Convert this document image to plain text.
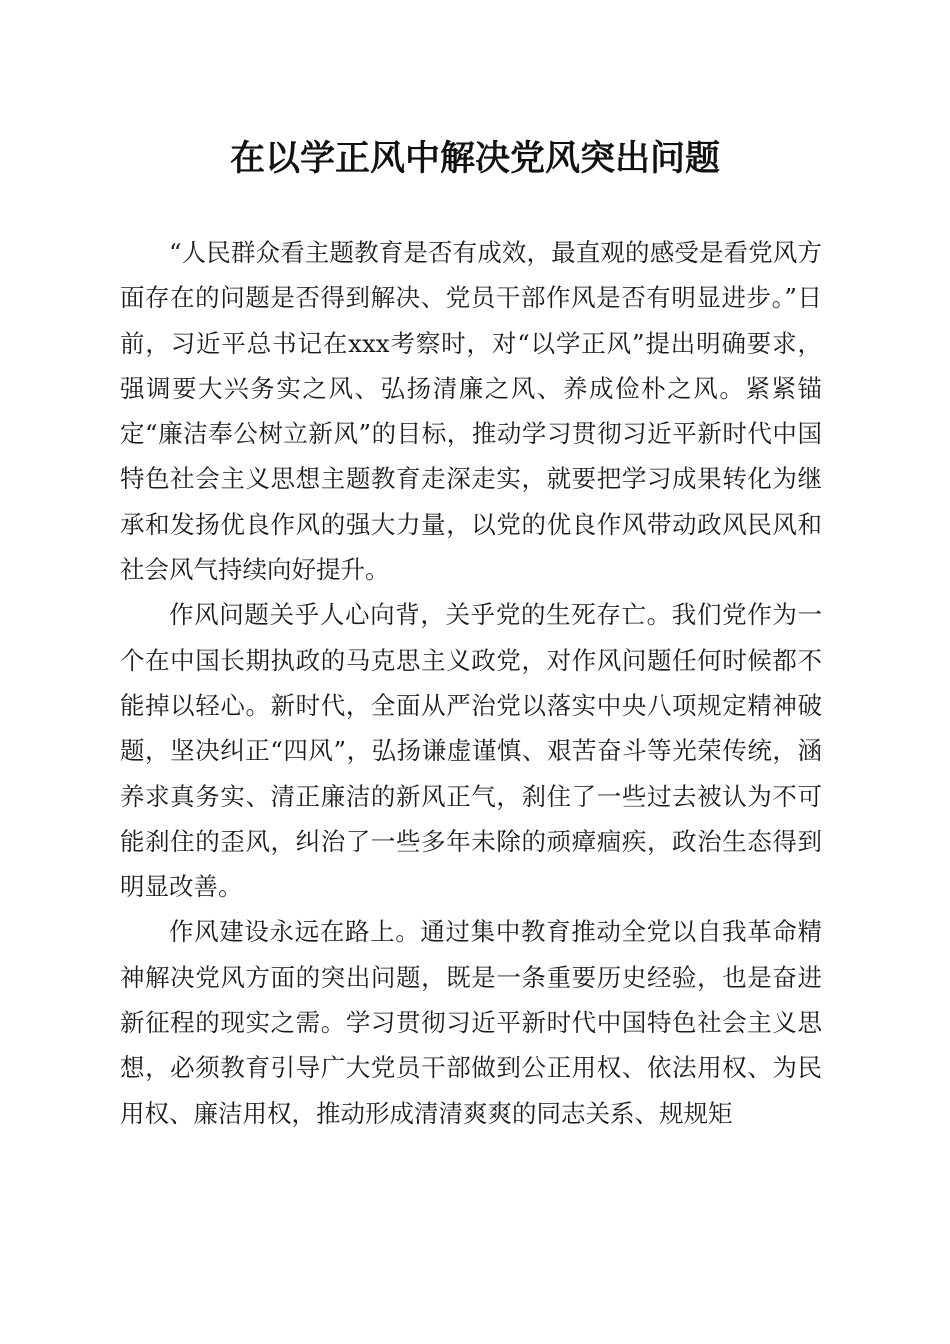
在以学正风中解决党风突出问题

“人民群众看主题教育是否有成效，最直观的感受是看党风方面存在的问题是否得到解决、党员干部作风是否有明显进步。”日前，习近平总书记在xxx考察时，对“以学正风”提出明确要求，强调要大兴务实之风、弘扬清廉之风、养成俭朴之风。紧紧锚定“廉洁奉公树立新风”的目标，推动学习贯彻习近平新时代中国特色社会主义思想主题教育走深走实，就要把学习成果转化为继承和发扬优良作风的强大力量，以党的优良作风带动政风民风和社会风气持续向好提升。

作风问题关乎人心向背，关乎党的生死存亡。我们党作为一个在中国长期执政的马克思主义政党，对作风问题任何时候都不能掉以轻心。新时代，全面从严治党以落实中央八项规定精神破题，坚决纠正“四风”，弘扬谦虚谨慎、艰苦奋斗等光荣传统，涵养求真务实、清正廉洁的新风正气，刹住了一些过去被认为不可能刹住的歪风，纠治了一些多年未除的顽瘴痼疾，政治生态得到明显改善。

作风建设永远在路上。通过集中教育推动全党以自我革命精神解决党风方面的突出问题，既是一条重要历史经验，也是奋进新征程的现实之需。学习贯彻习近平新时代中国特色社会主义思想，必须教育引导广大党员干部做到公正用权、依法用权、为民用权、廉洁用权，推动形成清清爽爽的同志关系、规规矩
